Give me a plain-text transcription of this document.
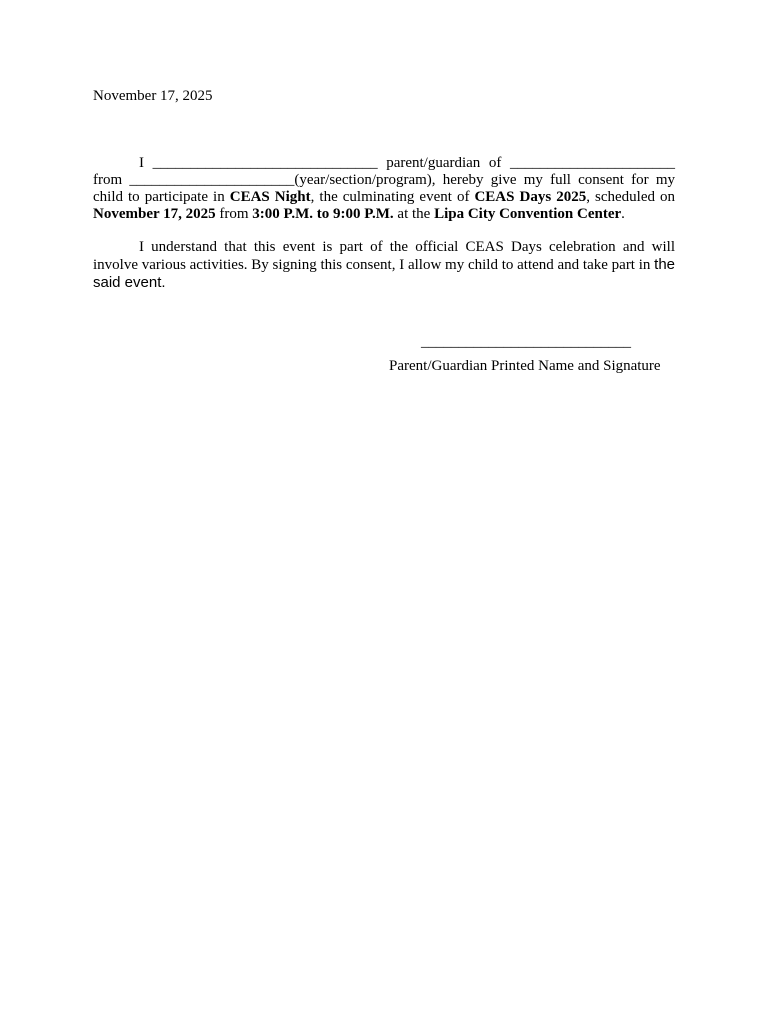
November 17, 2025

I ______________________________ parent/guardian of ______________________ from ______________________(year/section/program), hereby give my full consent for my child to participate in CEAS Night, the culminating event of CEAS Days 2025, scheduled on November 17, 2025 from 3:00 P.M. to 9:00 P.M. at the Lipa City Convention Center.

I understand that this event is part of the official CEAS Days celebration and will involve various activities. By signing this consent, I allow my child to attend and take part in the said event.

____________________________
Parent/Guardian Printed Name and Signature
